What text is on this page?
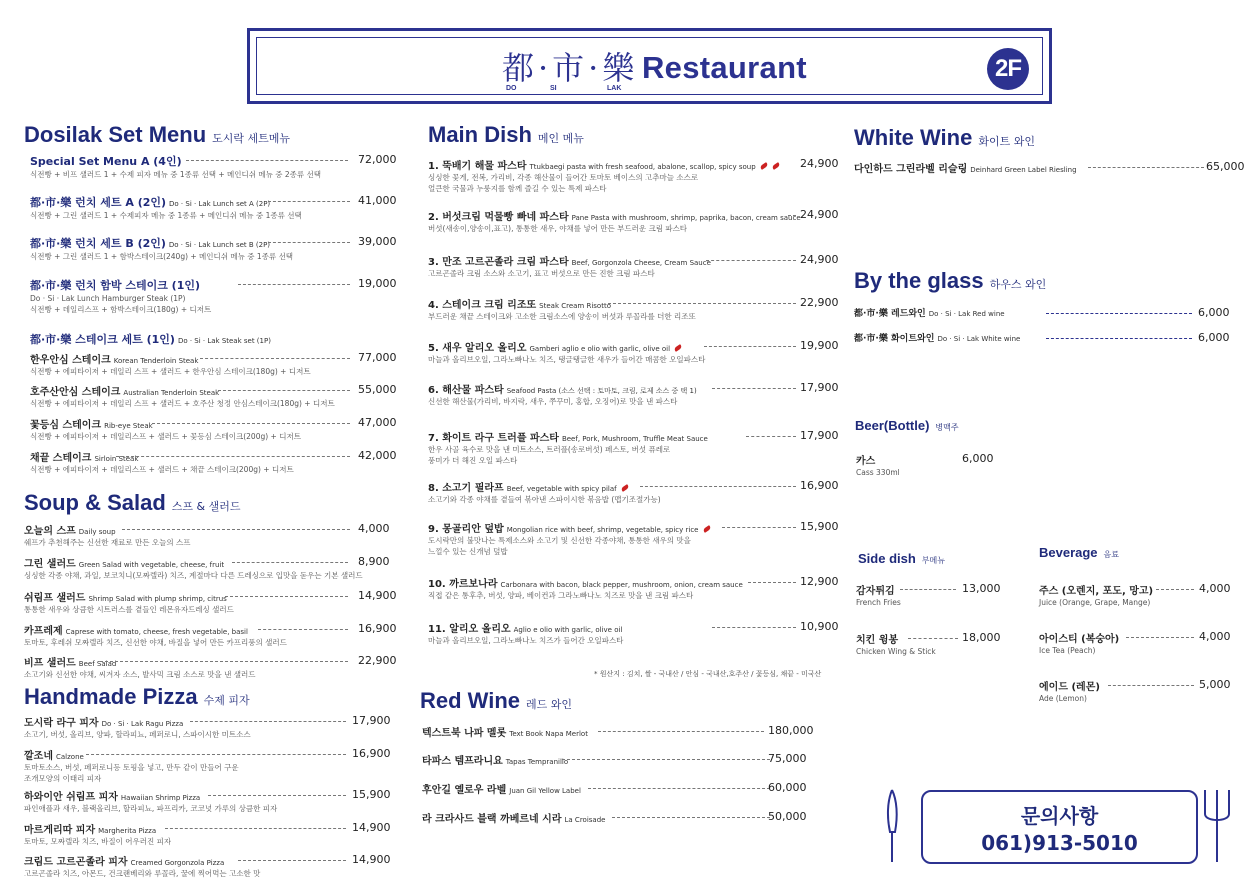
都·市·樂
DO	SI	LAK
Restaurant	2F
Dosilak Set Menu 도시락 세트메뉴
Soup & Salad 스프 & 샐러드
Handmade Pizza 수제 피자
Main Dish 메인 메뉴
Red Wine 레드 와인
White Wine 화이트 와인
By the glass 하우스 와인
Beer(Bottle) 병맥주
Side dish 부메뉴
Beverage 음료
Special Set Menu A (4인)
식전빵 + 비프 샐러드 1 + 수제 피자 메뉴 중 1종류 선택 + 메인디쉬 메뉴 중 2종류 선택
72,000
都·市·樂 런치 세트 A (2인) Do · Si · Lak Lunch set A (2P)
식전빵 + 그린 샐러드 1 + 수제피자 메뉴 중 1종류 + 메인디쉬 메뉴 중 1종류 선택
41,000
都·市·樂 런치 세트 B (2인) Do · Si · Lak Lunch set B (2P)
식전빵 + 그린 샐러드 1 + 함박스테이크(240g) + 메인디쉬 메뉴 중 1종류 선택
39,000
都·市·樂 런치 함박 스테이크 (1인)
Do · Si · Lak Lunch Hamburger Steak (1P)
식전빵 + 데일리스프 + 함박스테이크(180g) + 디저트
19,000
都·市·樂 스테이크 세트 (1인) Do · Si · Lak Steak set (1P)
한우안심 스테이크 Korean Tenderloin Steak
식전빵 + 에피타이저 + 데일리 스프 + 샐러드 + 한우안심 스테이크(180g) + 디저트
77,000
호주산안심 스테이크 Australian Tenderloin Steak
식전빵 + 에피타이저 + 데일리 스프 + 샐러드 + 호주산 청정 안심스테이크(180g) + 디저트
55,000
꽃등심 스테이크 Rib-eye Steak
식전빵 + 에피타이저 + 데일리스프 + 샐러드 + 꽃등심 스테이크(200g) + 디저트
47,000
채끝 스테이크 Sirloin Steak
식전빵 + 에피타이저 + 데일리스프 + 샐러드 + 채끝 스테이크(200g) + 디저트
42,000
오늘의 스프 Daily soup
쉐프가 추천해주는 신선한 재료로 만든 오늘의 스프
4,000
그린 샐러드 Green Salad with vegetable, cheese, fruit
싱싱한 각종 야채, 과일, 보코치니(모짜렐라) 치즈, 계절마다 다른 드레싱으로 입맛을 돋우는 기본 샐러드
8,900
쉬림프 샐러드 Shrimp Salad with plump shrimp, citrus
통통한 새우와 상큼한 시트러스를 곁들인 레몬유자드레싱 샐러드
14,900
카프레제 Caprese with tomato, cheese, fresh vegetable, basil
토마토, 후레쉬 모짜렐라 치즈, 신선한 야채, 바질을 넣어 만든 카프리풍의 샐러드
16,900
비프 샐러드 Beef Salad
소고기와 신선한 야채, 씨겨자 소스, 발사믹 크림 소스로 맛을 낸 샐러드
22,900
도시락 라구 피자 Do · Si · Lak Ragu Pizza
소고기, 버섯, 올리브, 양파, 할라피뇨, 페퍼로니, 스파이시한 미트소스
17,900
깔조네 Calzone
토마토소스, 버섯, 페퍼로니등 토핑을 넣고, 만두 같이 만들어 구운
조개모양의 이태리 피자
16,900
하와이안 쉬림프 피자 Hawaiian Shrimp Pizza
파인애플과 새우, 블랙올리브, 할라피뇨, 파프리카, 코코넛 가루의 상큼한 피자
15,900
마르게리따 피자 Margherita Pizza
토마토, 모짜렐라 치즈, 바질이 어우러진 피자
14,900
크림드 고르곤졸라 피자 Creamed Gorgonzola Pizza
고르곤졸라 치즈, 아몬드, 건크랜베리와 루꼴라, 꿀에 찍어먹는 고소한 맛
14,900
1. 뚝배기 해물 파스타 Ttukbaegi pasta with fresh seafood, abalone, scallop, spicy soup
싱싱한 꽃게, 전복, 가리비, 각종 해산물이 들어간 토마토 베이스의 고추마늘 소스로
얼큰한 국물과 누룽지를 함께 즐길 수 있는 특제 파스타
24,900
2. 버섯크림 먹물빵 빠네 파스타 Pane Pasta with mushroom, shrimp, paprika, bacon, cream sauce
버섯(새송이,양송이,표고), 통통한 새우, 야채를 넣어 만든 부드러운 크림 파스타
24,900
3. 만조 고르곤졸라 크림 파스타 Beef, Gorgonzola Cheese, Cream Sauce
고르곤졸라 크림 소스와 소고기, 표고 버섯으로 만든 진한 크림 파스타
24,900
4. 스테이크 크림 리조또 Steak Cream Risotto
부드러운 채끝 스테이크와 고소한 크림소스에 양송이 버섯과 루꼴라를 더한 리조또
22,900
5. 새우 알리오 올리오 Gamberi aglio e olio with garlic, olive oil
마늘과 올리브오일, 그라노빠나노 치즈, 탱글탱글한 새우가 들어간 매콤한 오일파스타
19,900
6. 해산물 파스타 Seafood Pasta (소스 선택 : 토마토, 크림, 로제 소스 중 택 1)
신선한 해산물(가리비, 바지락, 새우, 쭈꾸미, 홍합, 오징어)로 맛을 낸 파스타
17,900
7. 화이트 라구 트러플 파스타 Beef, Pork, Mushroom, Truffle Meat Sauce
한우 사골 육수로 맛을 낸 미트소스, 트러플(송로버섯) 페스토, 버섯 퓨레로
풍미가 더 해진 오일 파스타
17,900
8. 소고기 필라프 Beef, vegetable with spicy pilaf
소고기와 각종 야채를 곁들여 볶아낸 스파이시한 볶음밥 (맵기조절가능)
16,900
9. 몽골리안 덮밥 Mongolian rice with beef, shrimp, vegetable, spicy rice
도시락만의 불맛나는 특제소스와 소고기 및 신선한 각종야채, 통통한 새우의 맛을
느낄수 있는 신개념 덮밥
15,900
10. 까르보나라 Carbonara with bacon, black pepper, mushroom, onion, cream sauce
직접 같은 통후추, 버섯, 양파, 베이컨과 그라노빠나노 치즈로 맛을 낸 크림 파스타
12,900
11. 알리오 올리오 Aglio e olio with garlic, olive oil
마늘과 올리브오일, 그라노빠나노 치즈가 들어간 오일파스타
10,900
텍스트북 나파 멜롯 Text Book Napa Merlot	180,000
타파스 템프라니요 Tapas Tempranillo	75,000
후안길 옐로우 라벨 Juan Gil Yellow Label	60,000
라 크라사드 블랙 까베르네 시라 La Croisade	50,000
다인하드 그린라벨 리슬링 Deinhard Green Label Riesling	65,000
都·市·樂 레드와인 Do · Si · Lak Red wine	6,000
都·市·樂 화이트와인 Do · Si · Lak White wine	6,000
카스
Cass 330ml
6,000
감자튀김
French Fries
13,000
치킨 윙봉
Chicken Wing & Stick
18,000
주스 (오렌지, 포도, 망고)
Juice (Orange, Grape, Mange)
4,000
아이스티 (복숭아)
Ice Tea (Peach)
4,000
에이드 (레몬)
Ade (Lemon)
5,000
* 원산지 : 김치, 쌀 - 국내산 / 안심 - 국내산,호주산 / 꽃등심, 채끝 - 미국산
문의사항
061)913-5010
